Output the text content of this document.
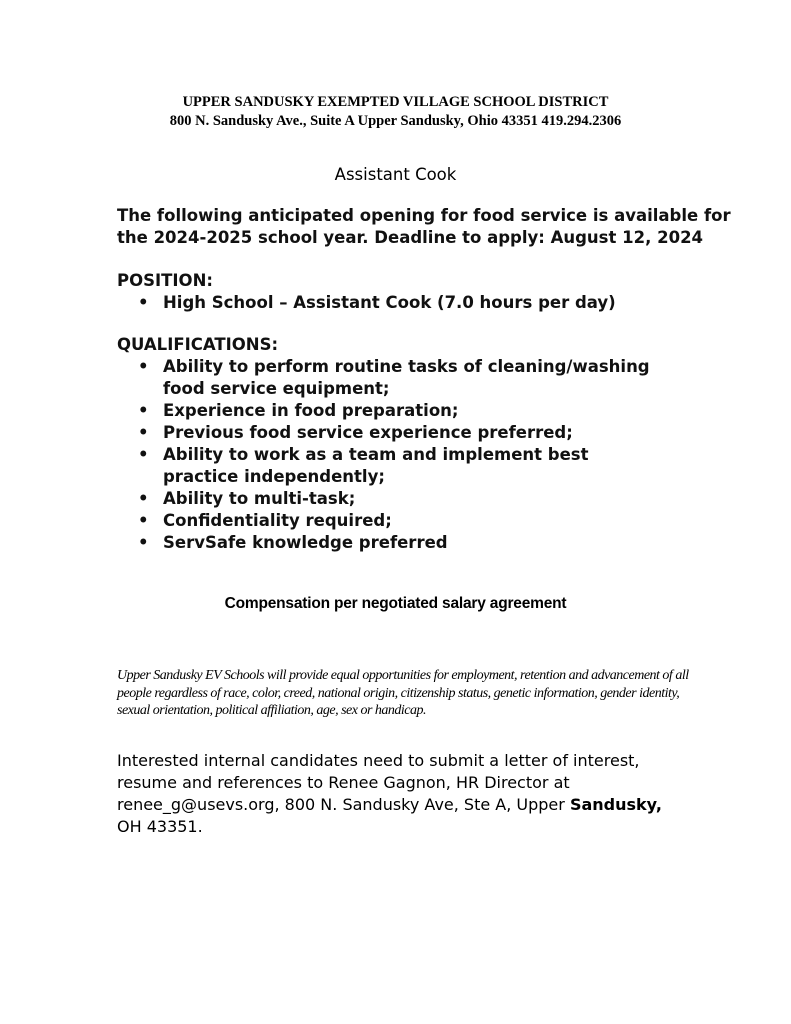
UPPER SANDUSKY EXEMPTED VILLAGE SCHOOL DISTRICT
800 N. Sandusky Ave., Suite A Upper Sandusky, Ohio 43351 419.294.2306
Assistant Cook
The following anticipated opening for food service is available for
the 2024-2025 school year. Deadline to apply: August 12, 2024
POSITION:
• High School – Assistant Cook (7.0 hours per day)
QUALIFICATIONS:
• Ability to perform routine tasks of cleaning/washing food service equipment;
• Experience in food preparation;
• Previous food service experience preferred;
• Ability to work as a team and implement best practice independently;
• Ability to multi-task;
• Confidentiality required;
• ServSafe knowledge preferred
Compensation per negotiated salary agreement
Upper Sandusky EV Schools will provide equal opportunities for employment, retention and advancement of all people regardless of race, color, creed, national origin, citizenship status, genetic information, gender identity, sexual orientation, political affiliation, age, sex or handicap.
Interested internal candidates need to submit a letter of interest, resume and references to Renee Gagnon, HR Director at renee_g@usevs.org, 800 N. Sandusky Ave, Ste A, Upper Sandusky, OH 43351.
